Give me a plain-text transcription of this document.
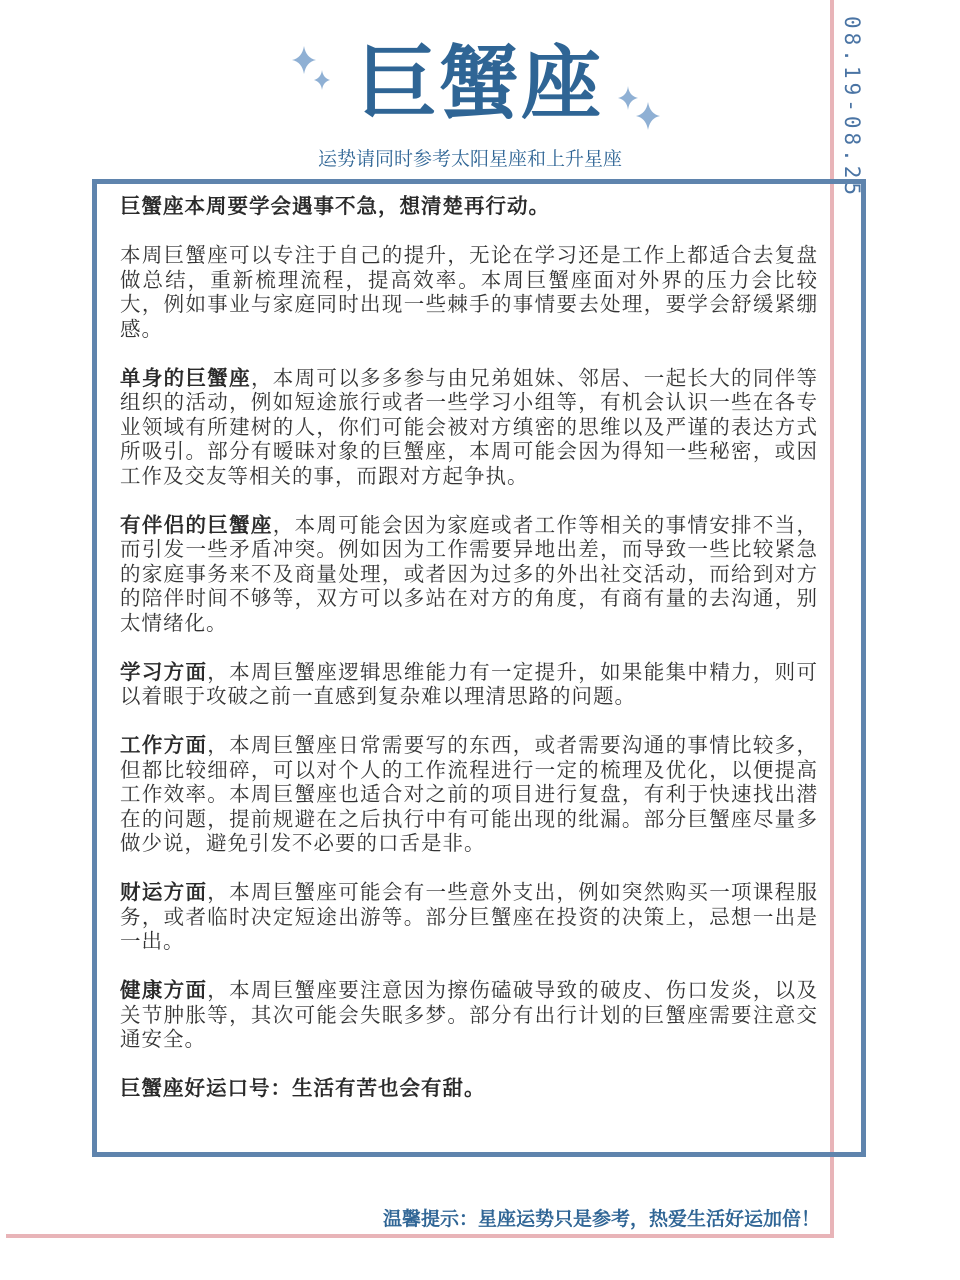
08.19-08.25
巨蟹座
运势请同时参考太阳星座和上升星座

巨蟹座本周要学会遇事不急，想清楚再行动。

本周巨蟹座可以专注于自己的提升，无论在学习还是工作上都适合去复盘做总结，重新梳理流程，提高效率。本周巨蟹座面对外界的压力会比较大，例如事业与家庭同时出现一些棘手的事情要去处理，要学会舒缓紧绷感。

单身的巨蟹座，本周可以多多参与由兄弟姐妹、邻居、一起长大的同伴等组织的活动，例如短途旅行或者一些学习小组等，有机会认识一些在各专业领域有所建树的人，你们可能会被对方缜密的思维以及严谨的表达方式所吸引。部分有暧昧对象的巨蟹座，本周可能会因为得知一些秘密，或因工作及交友等相关的事，而跟对方起争执。

有伴侣的巨蟹座，本周可能会因为家庭或者工作等相关的事情安排不当，而引发一些矛盾冲突。例如因为工作需要异地出差，而导致一些比较紧急的家庭事务来不及商量处理，或者因为过多的外出社交活动，而给到对方的陪伴时间不够等，双方可以多站在对方的角度，有商有量的去沟通，别太情绪化。

学习方面，本周巨蟹座逻辑思维能力有一定提升，如果能集中精力，则可以着眼于攻破之前一直感到复杂难以理清思路的问题。

工作方面，本周巨蟹座日常需要写的东西，或者需要沟通的事情比较多，但都比较细碎，可以对个人的工作流程进行一定的梳理及优化，以便提高工作效率。本周巨蟹座也适合对之前的项目进行复盘，有利于快速找出潜在的问题，提前规避在之后执行中有可能出现的纰漏。部分巨蟹座尽量多做少说，避免引发不必要的口舌是非。

财运方面，本周巨蟹座可能会有一些意外支出，例如突然购买一项课程服务，或者临时决定短途出游等。部分巨蟹座在投资的决策上，忌想一出是一出。

健康方面，本周巨蟹座要注意因为擦伤磕破导致的破皮、伤口发炎，以及关节肿胀等，其次可能会失眠多梦。部分有出行计划的巨蟹座需要注意交通安全。

巨蟹座好运口号：生活有苦也会有甜。

温馨提示：星座运势只是参考，热爱生活好运加倍！
